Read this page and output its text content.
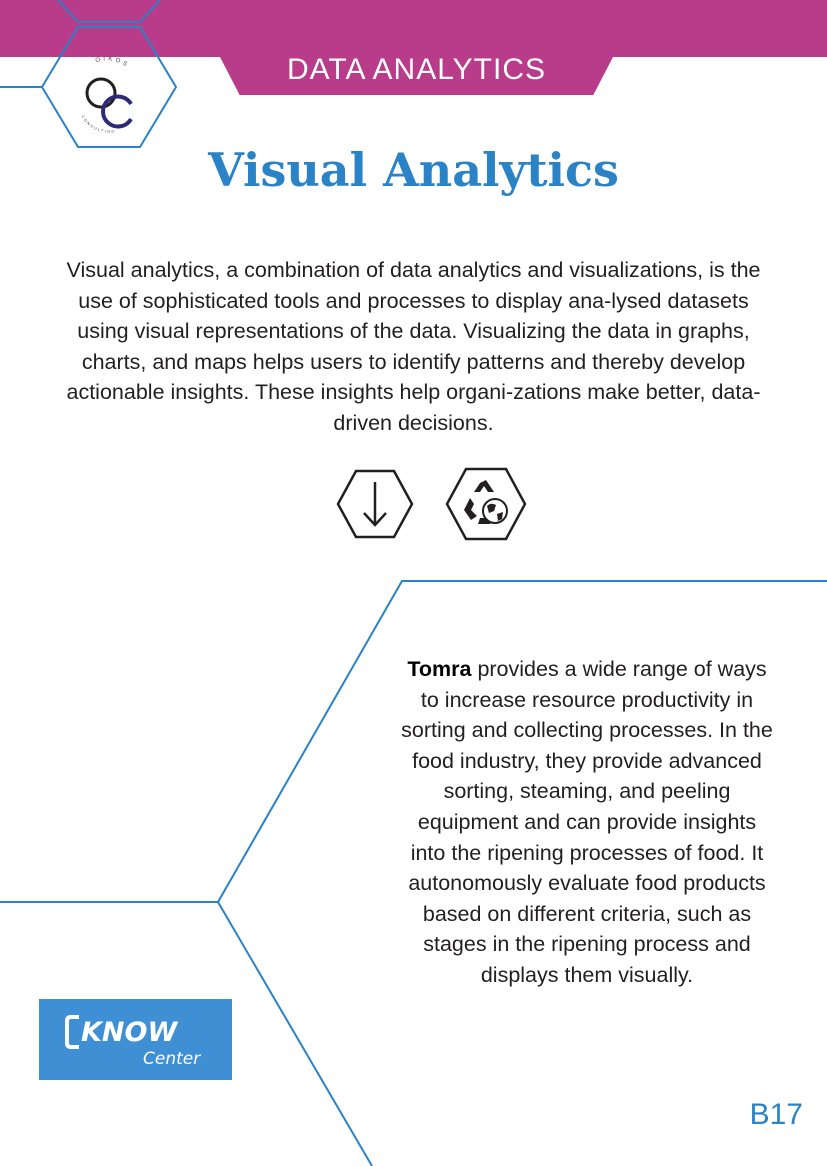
DATA ANALYTICS
OIKOS
CONSULTING
Visual Analytics

Visual analytics, a combination of data analytics and visualizations, is the use of sophisticated tools and processes to display ana-lysed datasets using visual representations of the data. Visualizing the data in graphs, charts, and maps helps users to identify patterns and thereby develop actionable insights. These insights help organi-zations make better, data-driven decisions.

Tomra provides a wide range of ways to increase resource productivity in sorting and collecting processes. In the food industry, they provide advanced sorting, steaming, and peeling equipment and can provide insights into the ripening processes of food. It autonomously evaluate food products based on different criteria, such as stages in the ripening process and displays them visually.

KNOW
Center
B17
